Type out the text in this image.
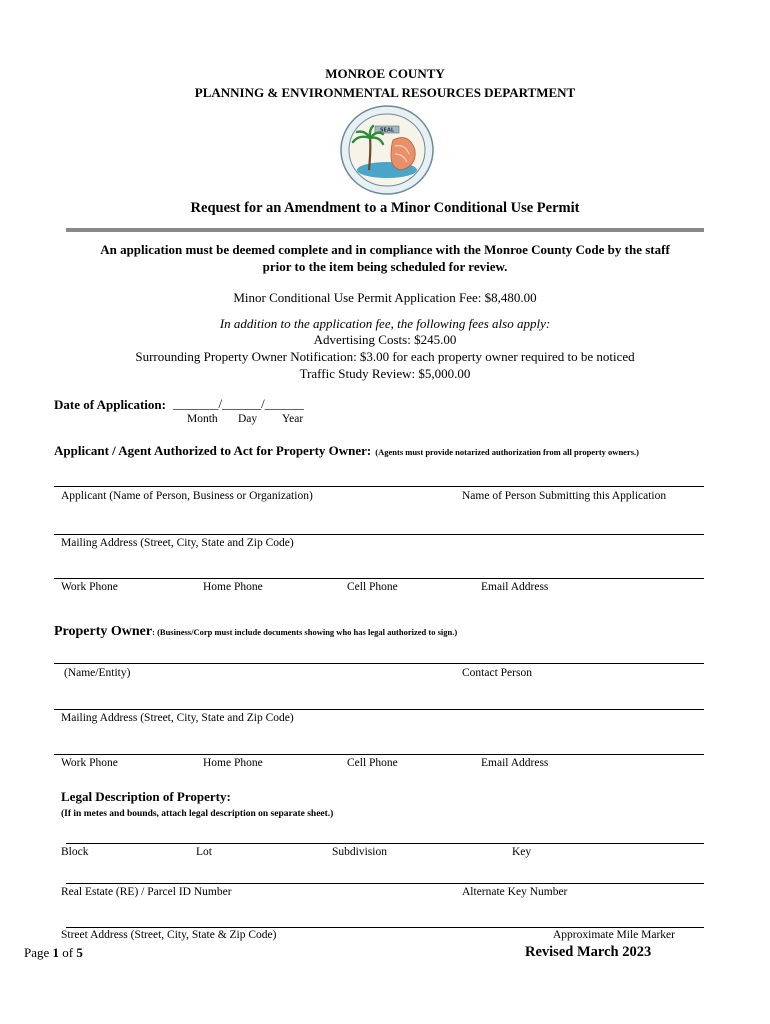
MONROE COUNTY
PLANNING & ENVIRONMENTAL RESOURCES DEPARTMENT
SEAL
Request for an Amendment to a Minor Conditional Use Permit
An application must be deemed complete and in compliance with the Monroe County Code by the staff
prior to the item being scheduled for review.
Minor Conditional Use Permit Application Fee: $8,480.00
In addition to the application fee, the following fees also apply:
Advertising Costs: $245.00
Surrounding Property Owner Notification: $3.00 for each property owner required to be noticed
Traffic Study Review: $5,000.00
Date of Application: _______/______/______
Month Day Year
Applicant / Agent Authorized to Act for Property Owner: (Agents must provide notarized authorization from all property owners.)
Applicant (Name of Person, Business or Organization)	Name of Person Submitting this Application
Mailing Address (Street, City, State and Zip Code)
Work Phone	Home Phone	Cell Phone	Email Address
Property Owner: (Business/Corp must include documents showing who has legal authorized to sign.)
(Name/Entity)	Contact Person
Mailing Address (Street, City, State and Zip Code)
Work Phone	Home Phone	Cell Phone	Email Address
Legal Description of Property:
(If in metes and bounds, attach legal description on separate sheet.)
Block	Lot	Subdivision	Key
Real Estate (RE) / Parcel ID Number	Alternate Key Number
Street Address (Street, City, State & Zip Code)	Approximate Mile Marker
Page 1 of 5	Revised March 2023
